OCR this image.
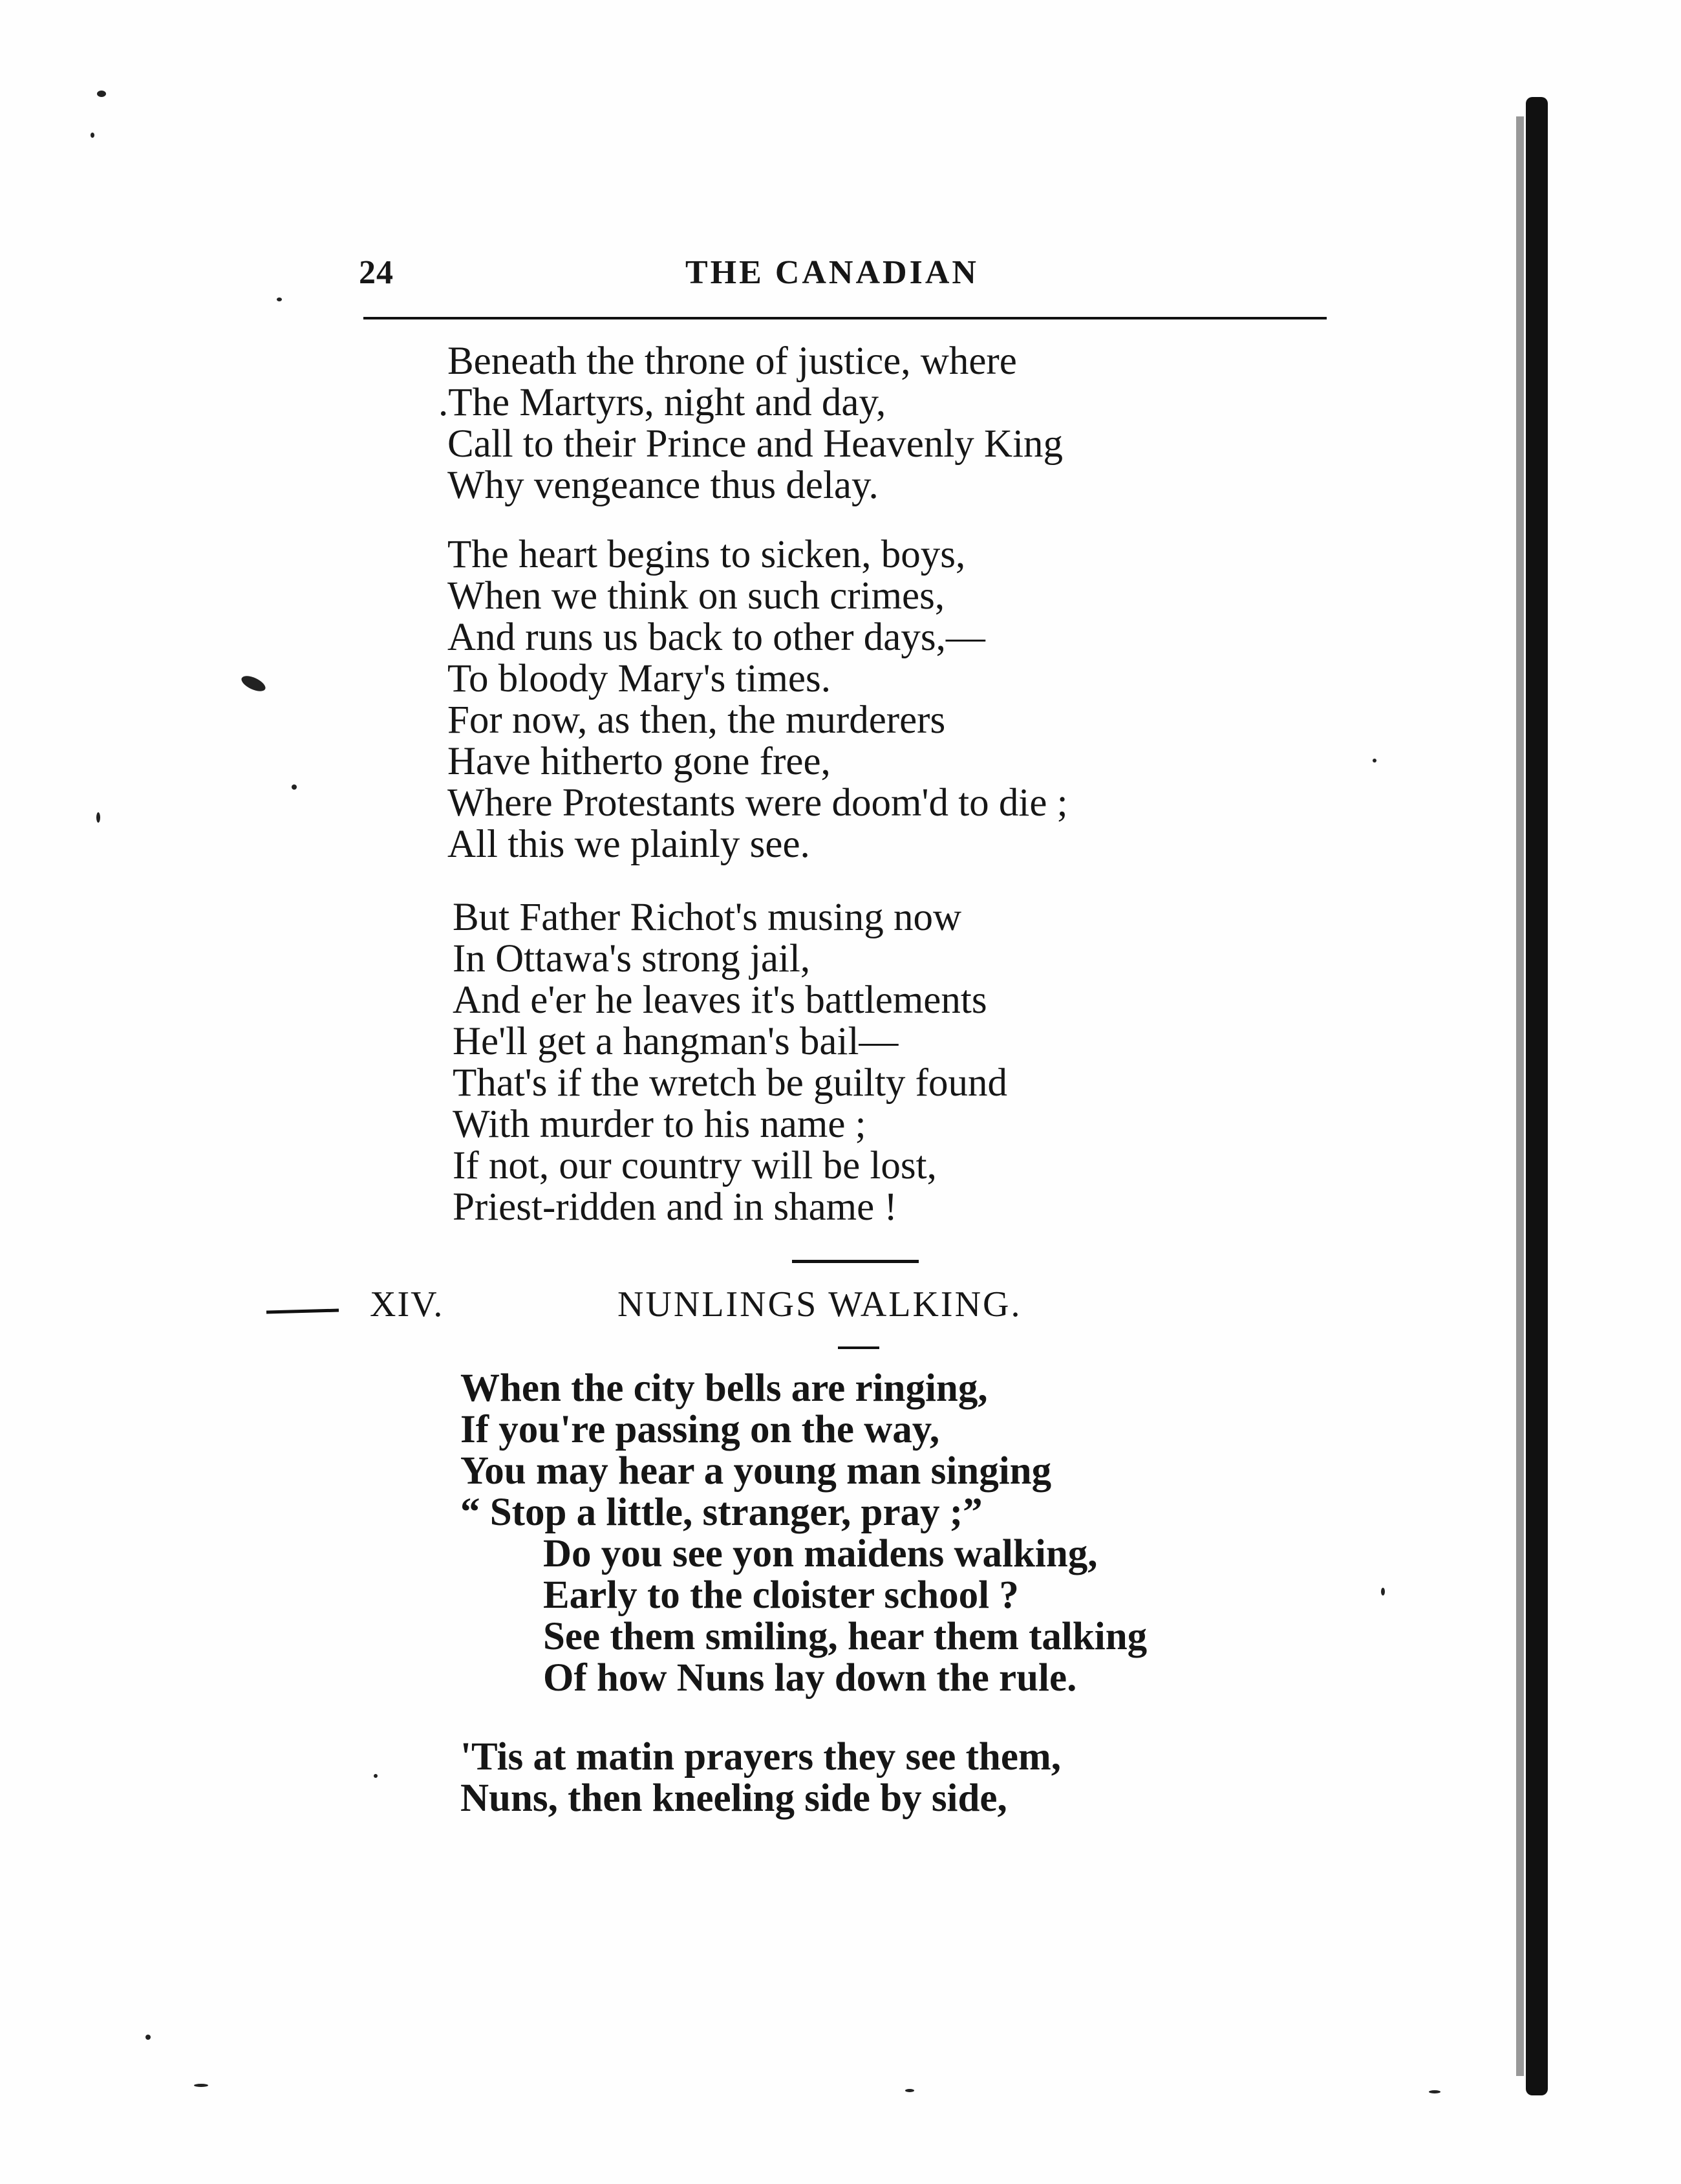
24	THE CANADIAN
Beneath the throne of justice, where
.The Martyrs, night and day,
Call to their Prince and Heavenly King
Why vengeance thus delay.
The heart begins to sicken, boys,
When we think on such crimes,
And runs us back to other days,—
To bloody Mary's times.
For now, as then, the murderers
Have hitherto gone free,
Where Protestants were doom'd to die ;
All this we plainly see.
But Father Richot's musing now
In Ottawa's strong jail,
And e'er he leaves it's battlements
He'll get a hangman's bail—
That's if the wretch be guilty found
With murder to his name ;
If not, our country will be lost,
Priest-ridden and in shame !
XIV.	NUNLINGS WALKING.
When the city bells are ringing,
If you're passing on the way,
You may hear a young man singing
“ Stop a little, stranger, pray ;”
Do you see yon maidens walking,
Early to the cloister school ?
See them smiling, hear them talking
Of how Nuns lay down the rule.
'Tis at matin prayers they see them,
Nuns, then kneeling side by side,
